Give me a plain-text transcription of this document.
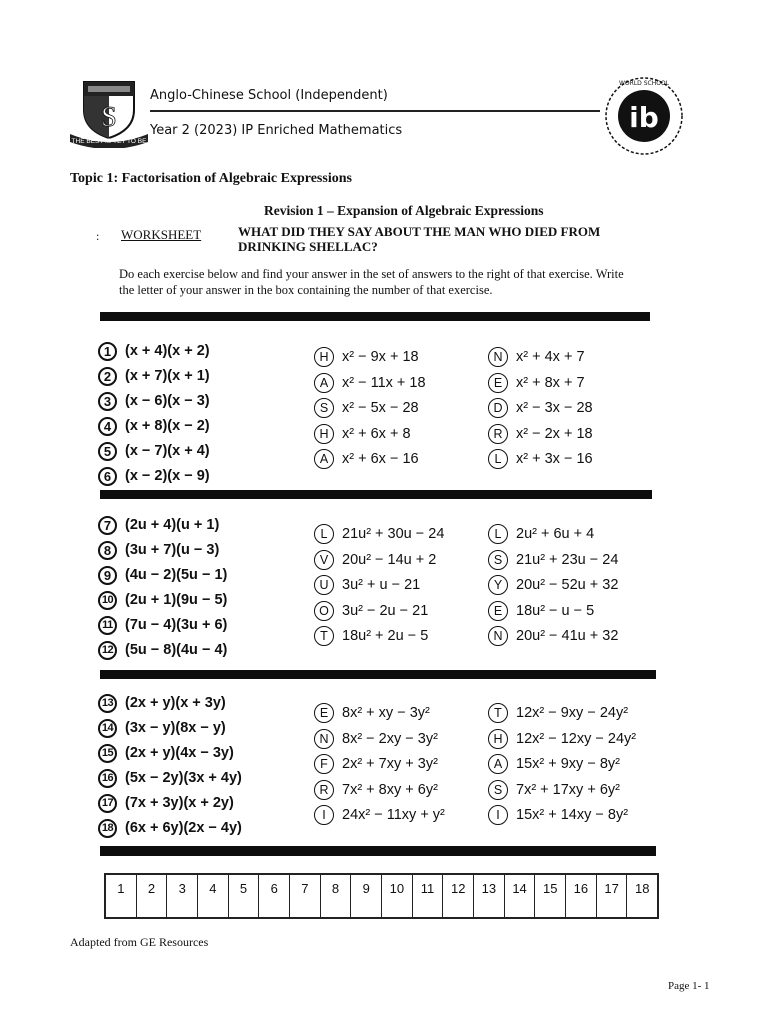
S
THE BEST IS YET TO BE
Anglo-Chinese School (Independent)
Year 2 (2023) IP Enriched Mathematics	ib
WORLD SCHOOL
Topic 1: Factorisation of Algebraic Expressions
Revision 1 – Expansion of Algebraic Expressions
: WORKSHEET	WHAT DID THEY SAY ABOUT THE MAN WHO DIED FROM DRINKING SHELLAC?
Do each exercise below and find your answer in the set of answers to the right of that exercise. Write the letter of your answer in the box containing the number of that exercise.
1 (x + 4)(x + 2)
2 (x + 7)(x + 1)
3 (x − 6)(x − 3)
4 (x + 8)(x − 2)
5 (x − 7)(x + 4)
6 (x − 2)(x − 9)
H x² − 9x + 18
A x² − 11x + 18
S x² − 5x − 28
H x² + 6x + 8
A x² + 6x − 16
N x² + 4x + 7
E x² + 8x + 7
D x² − 3x − 28
R x² − 2x + 18
L	x² + 3x − 16
7 (2u + 4)(u + 1)
8 (3u + 7)(u − 3)
9 (4u − 2)(5u − 1)
10 (2u + 1)(9u − 5)
11 (7u − 4)(3u + 6)
12 (5u − 8)(4u − 4)
L	21u² + 30u − 24
V 20u² − 14u + 2
U 3u² + u − 21
O 3u² − 2u − 21
T 18u² + 2u − 5
L	2u² + 6u + 4
S 21u² + 23u − 24
Y 20u² − 52u + 32
E 18u² − u − 5
N 20u² − 41u + 32
13 (2x + y)(x + 3y)
14 (3x − y)(8x − y)
15 (2x + y)(4x − 3y)
16 (5x − 2y)(3x + 4y)
17 (7x + 3y)(x + 2y)
18 (6x + 6y)(2x − 4y)
E 8x² + xy − 3y²
N 8x² − 2xy − 3y²
F 2x² + 7xy + 3y²
R 7x² + 8xy + 6y²
I	24x² − 11xy + y²
T 12x² − 9xy − 24y²
H 12x² − 12xy − 24y²
A 15x² + 9xy − 8y²
S 7x² + 17xy + 6y²
I	15x² + 14xy − 8y²
1	2	3	4	5	6	7	8	9	10	11	12	13	14	15	16	17	18
Adapted from GE Resources
Page 1- 1
